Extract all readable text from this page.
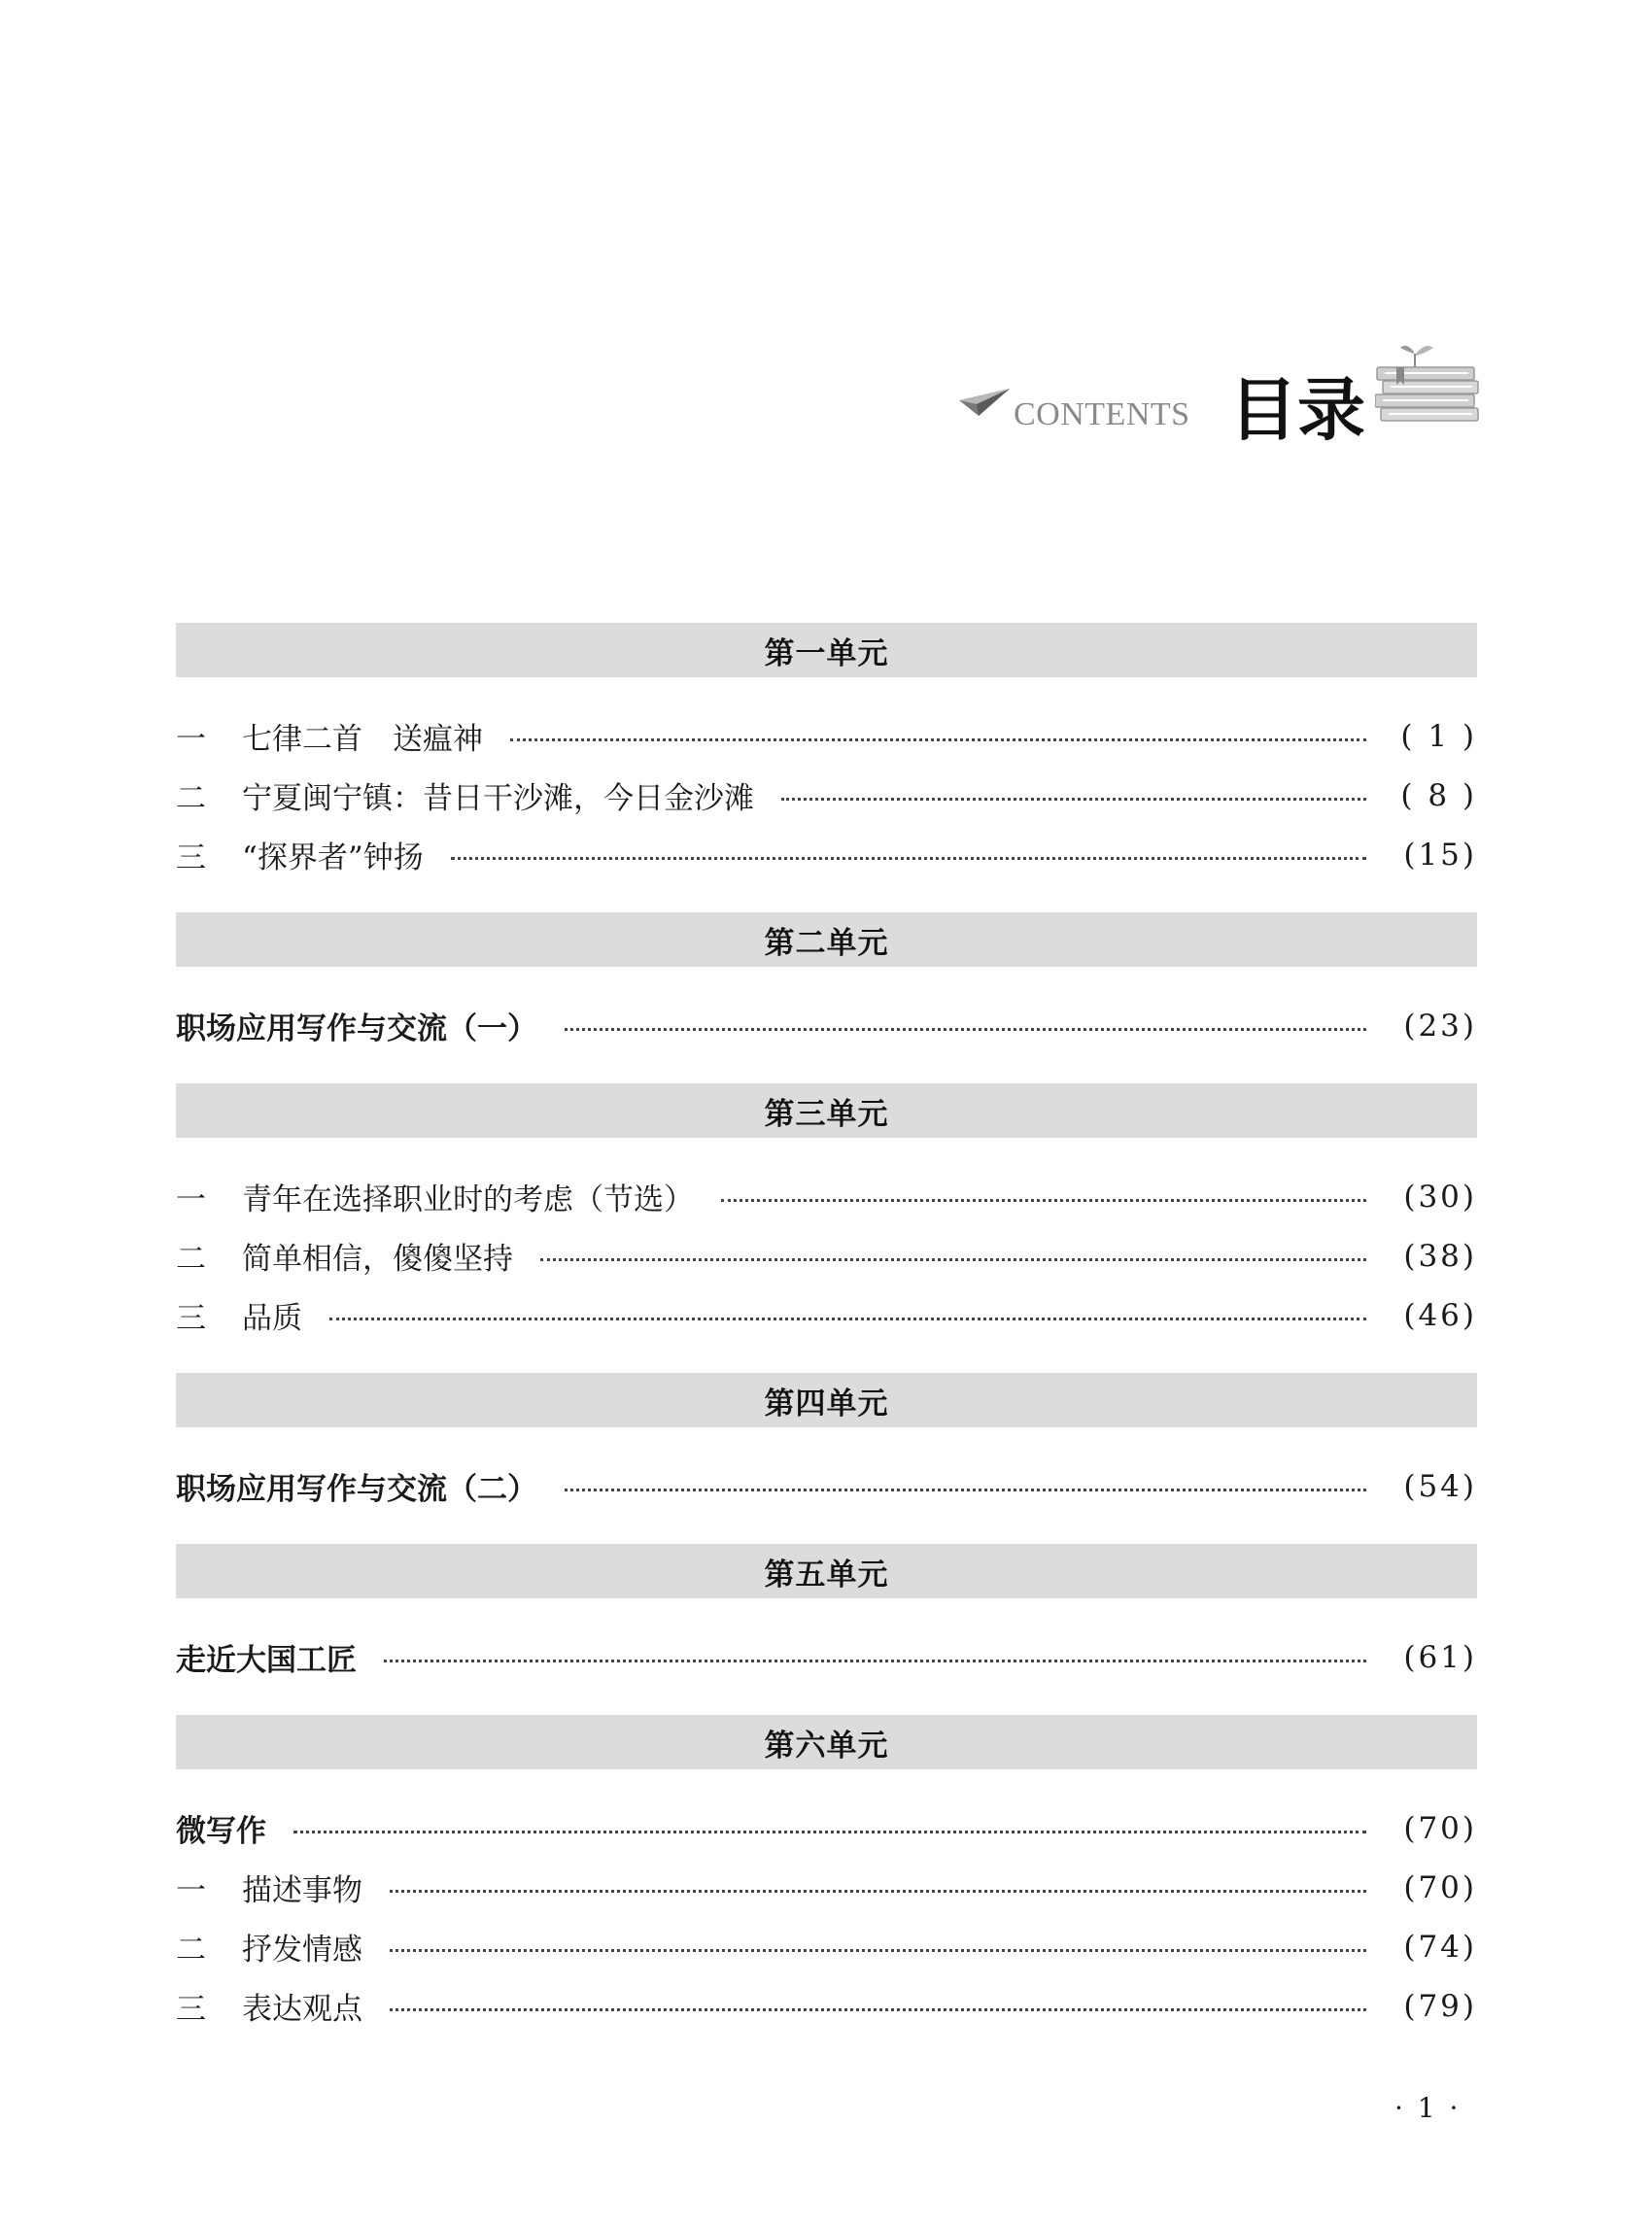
CONTENTS 目录
第一单元
一	七律二首　送瘟神	( 1 )
二	宁夏闽宁镇：昔日干沙滩，今日金沙滩	( 8 )
三	“探界者”钟扬	(15)
第二单元
职场应用写作与交流（一）	(23)
第三单元
一	青年在选择职业时的考虑（节选）	(30)
二	简单相信，傻傻坚持	(38)
三	品质	(46)
第四单元
职场应用写作与交流（二）	(54)
第五单元
走近大国工匠	(61)
第六单元
微写作	(70)
一	描述事物	(70)
二	抒发情感	(74)
三	表达观点	(79)
· 1 ·
